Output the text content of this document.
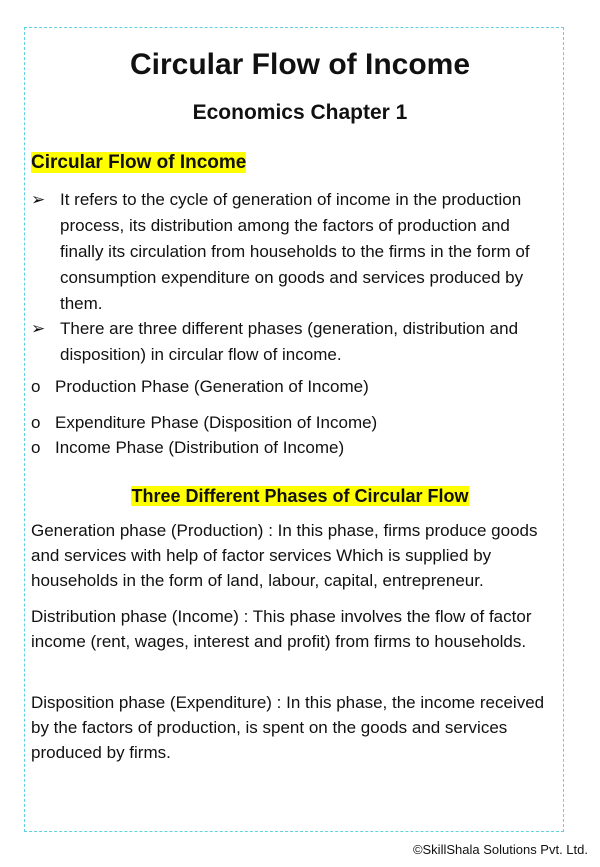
Circular Flow of Income
Economics Chapter 1
Circular Flow of Income
➢ It refers to the cycle of generation of income in the production process, its distribution among the factors of production and finally its circulation from households to the firms in the form of consumption expenditure on goods and services produced by them.
➢ There are three different phases (generation, distribution and disposition) in circular flow of income.
o Production Phase (Generation of Income)
o Expenditure Phase (Disposition of Income)
o Income Phase (Distribution of Income)
Three Different Phases of Circular Flow
Generation phase (Production) : In this phase, firms produce goods and services with help of factor services Which is supplied by households in the form of land, labour, capital, entrepreneur.
Distribution phase (Income) : This phase involves the flow of factor income (rent, wages, interest and profit) from firms to households.
Disposition phase (Expenditure) : In this phase, the income received by the factors of production, is spent on the goods and services produced by firms.
©SkillShala Solutions Pvt. Ltd.
